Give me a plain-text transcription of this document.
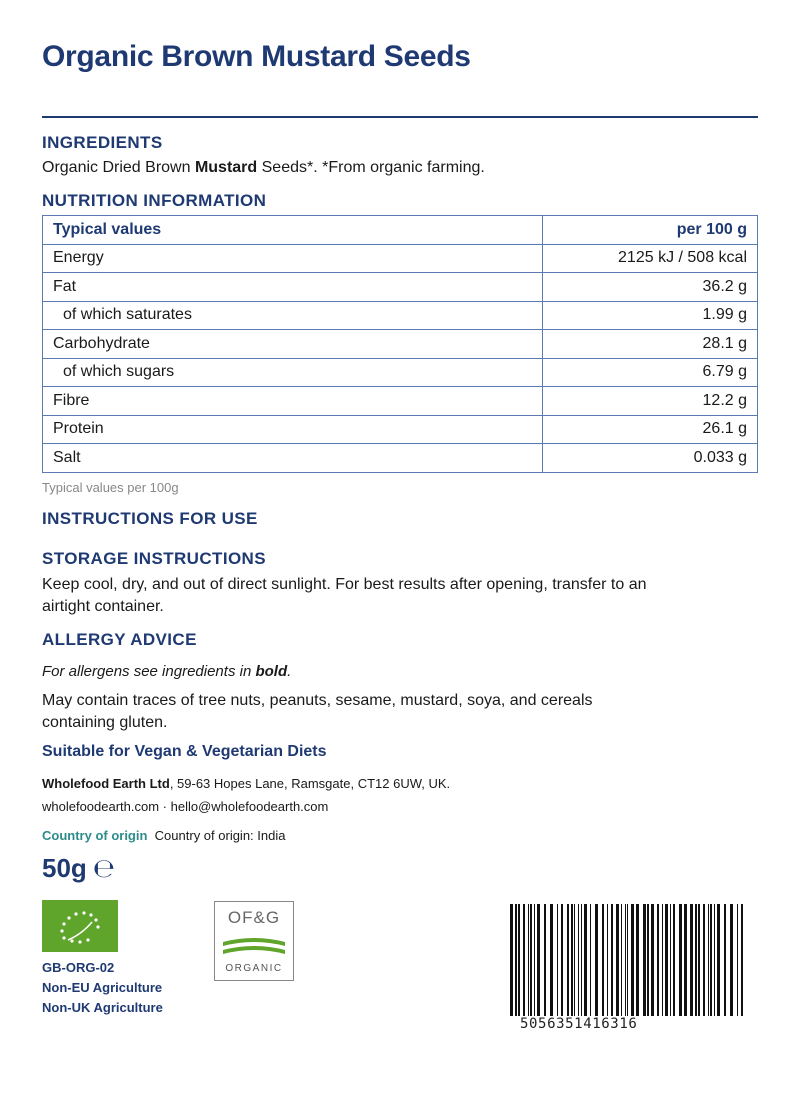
Organic Brown Mustard Seeds
INGREDIENTS
Organic Dried Brown Mustard Seeds*. *From organic farming.
NUTRITION INFORMATION
Typical values	per 100 g
Energy	2125 kJ / 508 kcal
Fat	36.2 g
of which saturates	1.99 g
Carbohydrate	28.1 g
of which sugars	6.79 g
Fibre	12.2 g
Protein	26.1 g
Salt	0.033 g
Typical values per 100g
INSTRUCTIONS FOR USE
STORAGE INSTRUCTIONS
Keep cool, dry, and out of direct sunlight. For best results after opening, transfer to an
airtight container.
ALLERGY ADVICE
For allergens see ingredients in bold.
May contain traces of tree nuts, peanuts, sesame, mustard, soya, and cereals
containing gluten.
Suitable for Vegan & Vegetarian Diets
Wholefood Earth Ltd, 59-63 Hopes Lane, Ramsgate, CT12 6UW, UK.
wholefoodearth.com · hello@wholefoodearth.com
Country of origin Country of origin: India
50g ℮
OF&G
ORGANIC
GB-ORG-02
Non-EU Agriculture
Non-UK Agriculture
5056351416316
